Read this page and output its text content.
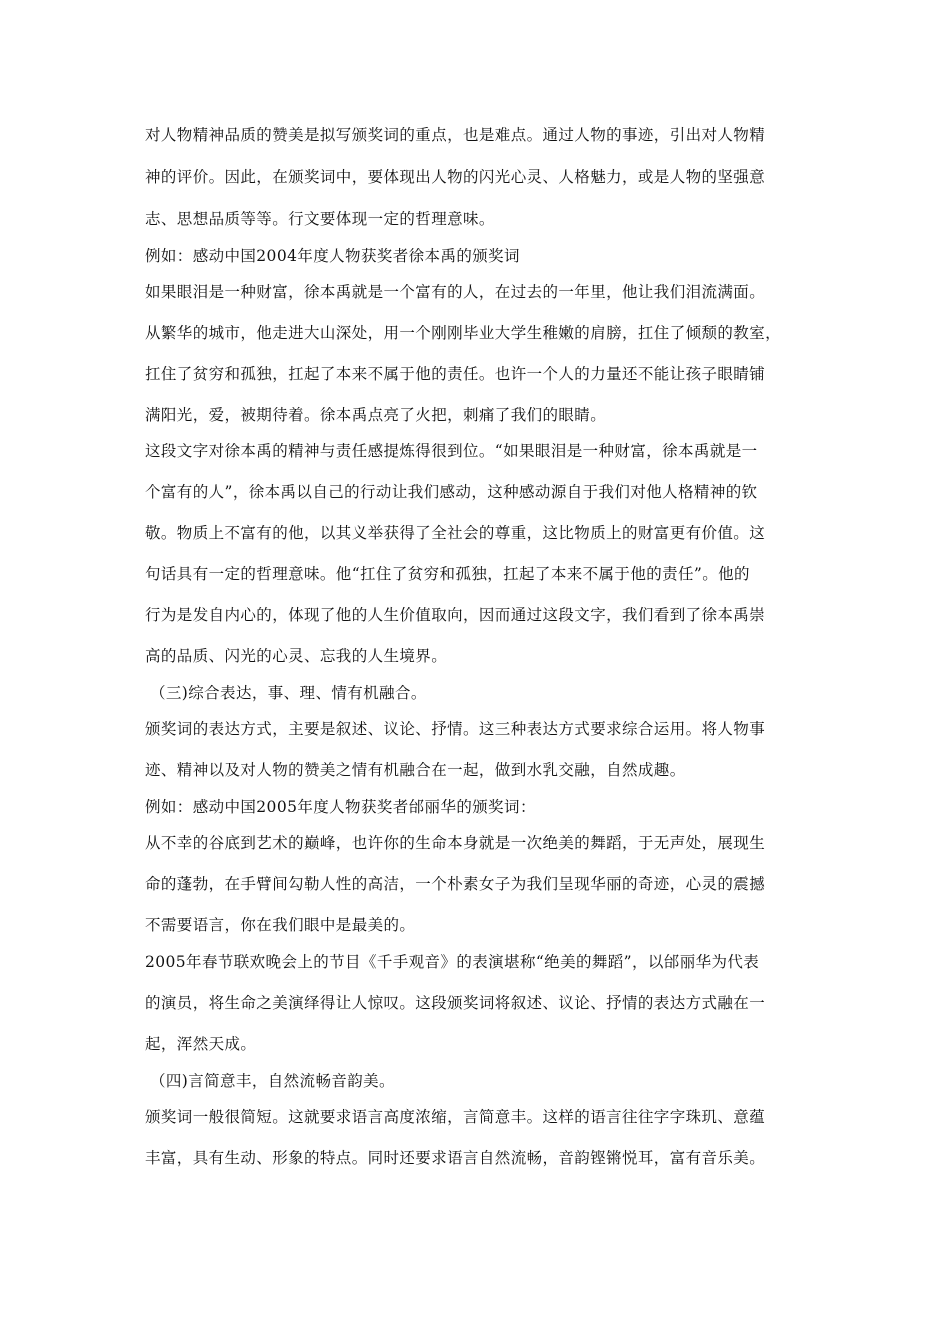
对人物精神品质的赞美是拟写颁奖词的重点，也是难点。通过人物的事迹，引出对人物精
神的评价。因此，在颁奖词中，要体现出人物的闪光心灵、人格魅力，或是人物的坚强意
志、思想品质等等。行文要体现一定的哲理意味。
例如：感动中国2004年度人物获奖者徐本禹的颁奖词
如果眼泪是一种财富，徐本禹就是一个富有的人，在过去的一年里，他让我们泪流满面。
从繁华的城市，他走进大山深处，用一个刚刚毕业大学生稚嫩的肩膀，扛住了倾颓的教室，
扛住了贫穷和孤独，扛起了本来不属于他的责任。也许一个人的力量还不能让孩子眼睛铺
满阳光，爱，被期待着。徐本禹点亮了火把，刺痛了我们的眼睛。
这段文字对徐本禹的精神与责任感提炼得很到位。“如果眼泪是一种财富，徐本禹就是一
个富有的人”，徐本禹以自己的行动让我们感动，这种感动源自于我们对他人格精神的钦
敬。物质上不富有的他，以其义举获得了全社会的尊重，这比物质上的财富更有价值。这
句话具有一定的哲理意味。他“扛住了贫穷和孤独，扛起了本来不属于他的责任”。他的
行为是发自内心的，体现了他的人生价值取向，因而通过这段文字，我们看到了徐本禹崇
高的品质、闪光的心灵、忘我的人生境界。
（三)综合表达，事、理、情有机融合。
颁奖词的表达方式，主要是叙述、议论、抒情。这三种表达方式要求综合运用。将人物事
迹、精神以及对人物的赞美之情有机融合在一起，做到水乳交融，自然成趣。
例如：感动中国2005年度人物获奖者邰丽华的颁奖词：
从不幸的谷底到艺术的巅峰，也许你的生命本身就是一次绝美的舞蹈，于无声处，展现生
命的蓬勃，在手臂间勾勒人性的高洁，一个朴素女子为我们呈现华丽的奇迹，心灵的震撼
不需要语言，你在我们眼中是最美的。
2005年春节联欢晚会上的节目《千手观音》的表演堪称“绝美的舞蹈”，以邰丽华为代表
的演员，将生命之美演绎得让人惊叹。这段颁奖词将叙述、议论、抒情的表达方式融在一
起，浑然天成。
（四)言简意丰，自然流畅音韵美。
颁奖词一般很简短。这就要求语言高度浓缩，言简意丰。这样的语言往往字字珠玑、意蕴
丰富，具有生动、形象的特点。同时还要求语言自然流畅，音韵铿锵悦耳，富有音乐美。
